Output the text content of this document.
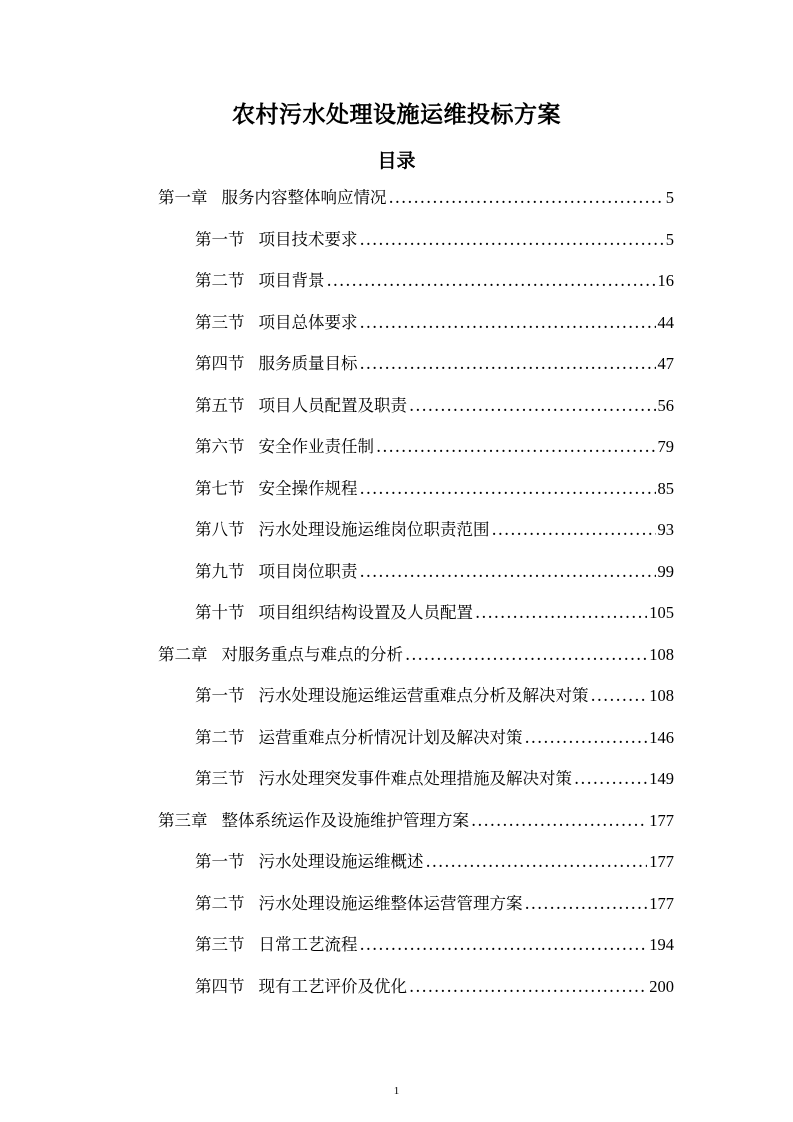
农村污水处理设施运维投标方案
目录
第一章 服务内容整体响应情况 .....	5
第一节 项目技术要求 .....	5
第二节 项目背景 .....	16
第三节 项目总体要求 .....	44
第四节 服务质量目标 .....	47
第五节 项目人员配置及职责 .....	56
第六节 安全作业责任制 .....	79
第七节 安全操作规程 .....	85
第八节 污水处理设施运维岗位职责范围 .....	93
第九节 项目岗位职责 .....	99
第十节 项目组织结构设置及人员配置 .....	105
第二章 对服务重点与难点的分析 .....	108
第一节 污水处理设施运维运营重难点分析及解决对策 .....	108
第二节 运营重难点分析情况计划及解决对策 .....	146
第三节 污水处理突发事件难点处理措施及解决对策 .....	149
第三章 整体系统运作及设施维护管理方案 .....	177
第一节 污水处理设施运维概述 .....	177
第二节 污水处理设施运维整体运营管理方案 .....	177
第三节 日常工艺流程 .....	194
第四节 现有工艺评价及优化 .....	200
1
